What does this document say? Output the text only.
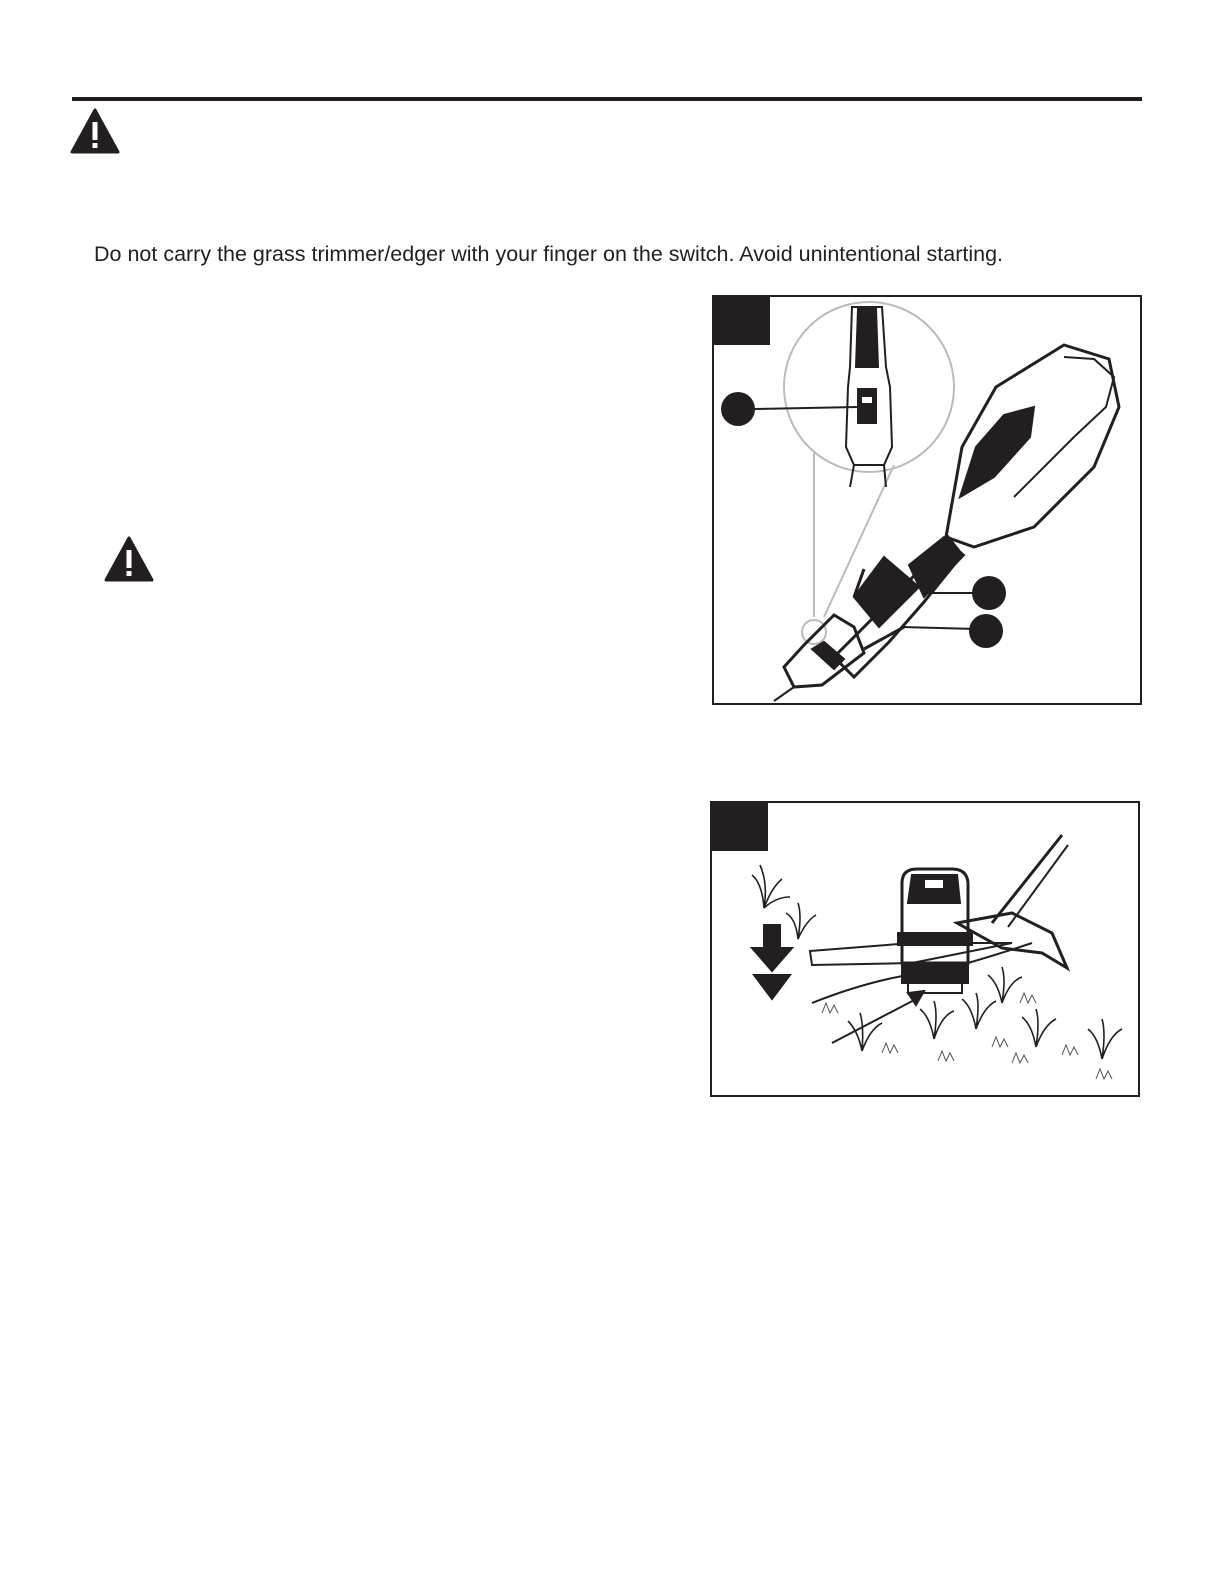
Do not carry the grass trimmer/edger with your finger on the switch. Avoid unintentional starting.
